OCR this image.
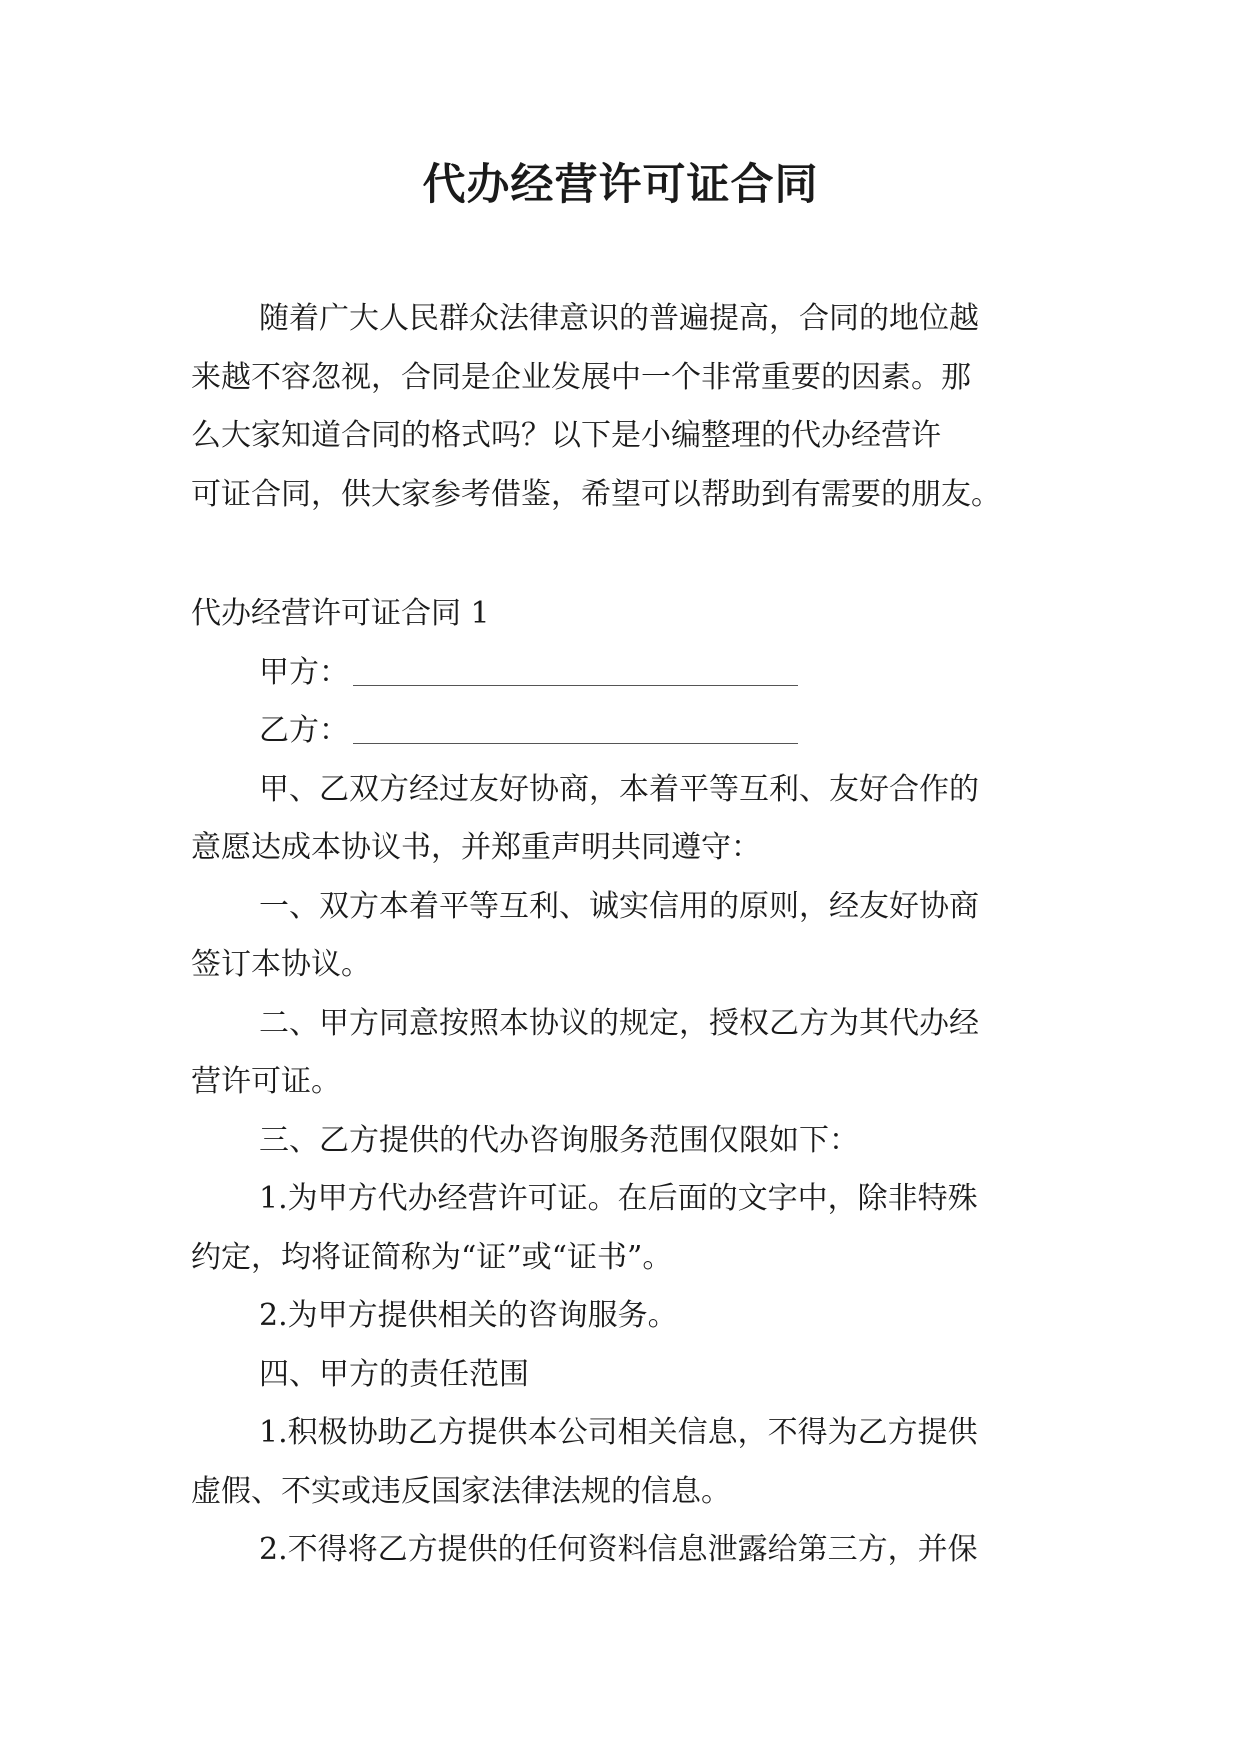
代办经营许可证合同
随着广大人民群众法律意识的普遍提高，合同的地位越
来越不容忽视，合同是企业发展中一个非常重要的因素。那
么大家知道合同的格式吗？以下是小编整理的代办经营许
可证合同，供大家参考借鉴，希望可以帮助到有需要的朋友。
代办经营许可证合同 1
甲方：
乙方：
甲、乙双方经过友好协商，本着平等互利、友好合作的
意愿达成本协议书，并郑重声明共同遵守：
一、双方本着平等互利、诚实信用的原则，经友好协商
签订本协议。
二、甲方同意按照本协议的规定，授权乙方为其代办经
营许可证。
三、乙方提供的代办咨询服务范围仅限如下：
1.为甲方代办经营许可证。在后面的文字中，除非特殊
约定，均将证简称为“证”或“证书”。
2.为甲方提供相关的咨询服务。
四、甲方的责任范围
1.积极协助乙方提供本公司相关信息，不得为乙方提供
虚假、不实或违反国家法律法规的信息。
2.不得将乙方提供的任何资料信息泄露给第三方，并保
